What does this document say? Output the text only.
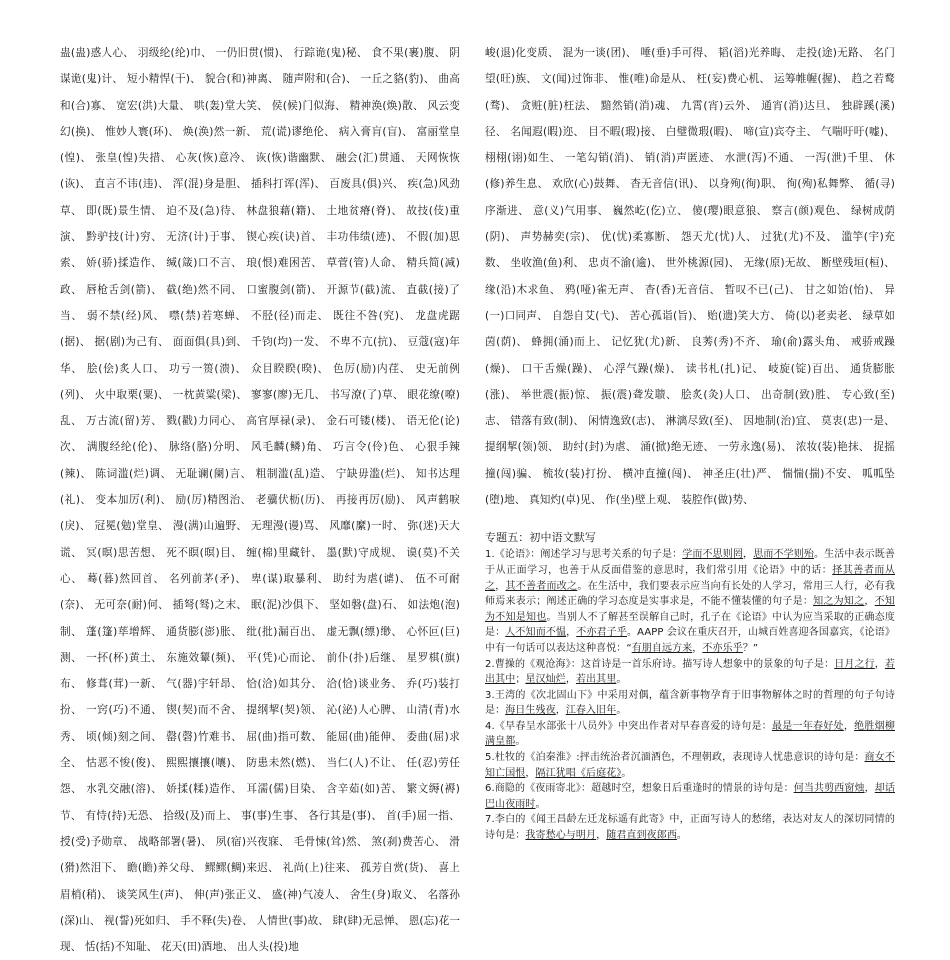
蛊(蛊)惑人心、 羽级纶(纶)巾、 一仍旧贯(惯)、 行踪诡(鬼)秘、 食不果(裹)腹、 阴谋诡(鬼)计、 短小精悍(干)、 貌合(和)神离、 随声附和(合)、 一丘之貉(豹)、 曲高和(合)寡、 宽宏(洪)大量、 哄(轰)堂大笑、 侯(候)门似海、 精神涣(焕)散、 风云变幻(换)、 惟妙人寰(环)、 焕(涣)然一新、 荒(谎)谬绝伦、 病入膏肓(盲)、 富丽堂皇(惶)、 张皇(惶)失措、 心灰(恢)意冷、 诙(恢)谐幽默、 融会(汇)贯通、 天网恢恢(诙)、 直言不讳(违)、 浑(混)身是胆、 插科打诨(浑)、 百废具(俱)兴、 疾(急)风劲草、 即(既)景生情、 迫不及(急)待、 林盘狼藉(籍)、 土地贫瘠(脊)、 故技(伎)重演、 黔驴技(计)穷、 无济(计)于事、 锲心疾(诀)首、 丰功伟绩(迹)、 不假(加)思索、 娇(骄)揉造作、 缄(箴)口不言、 琅(恨)难困苦、 草菅(管)人命、 精兵简(减)政、 唇枪舌剑(箭)、 截(绝)然不同、 口蜜腹剑(箭)、 开源节(截)流、 直截(接)了当、 弱不禁(经)风、 噤(禁)若寒蝉、 不胫(径)而走、 既往不咎(究)、 龙盘虎踞(据)、 据(剧)为己有、 面面俱(具)到、 千钧(均)一发、 不卑不亢(抗)、 豆蔻(寇)年华、 脍(侩)炙人口、 功亏一篑(溃)、 众目睽睽(暌)、 色厉(励)内荏、 史无前例(列)、 火中取栗(粟)、 一枕黄粱(梁)、 寥寥(廖)无几、 书写潦(了)草、 眼花缭(嘹)乱、 万古流(留)芳、 戮(戳)力同心、 高官厚禄(录)、 金石可镂(楼)、 语无伦(论)次、 满腹经纶(伦)、 脉络(胳)分明、 风毛麟(鳞)角、 巧言令(伶)色、 心狠手辣(辣)、 陈词滥(烂)调、 无耻谰(阑)言、 粗制滥(乱)造、 宁缺毋滥(烂)、 知书达理(礼)、 变本加厉(利)、 励(厉)精图治、 老骥伏枥(历)、 再接再厉(励)、 风声鹤唳(戾)、 冠冕(勉)堂皇、 漫(满)山遍野、 无理漫(谩)骂、 风靡(縻)一时、 弥(迷)天大谎、 冥(暝)思苦想、 死不瞑(暝)目、 缠(棉)里藏针、 墨(默)守成规、 谟(莫)不关心、 蓦(暮)然回首、 名列前茅(矛)、 卑(谋)取暴利、 助纣为虐(谑)、 伍不可耐(奈)、 无可奈(耐)何、 插弩(驽)之末、 眠(泥)沙俱下、 坚如磐(盘)石、 如法炮(泡)制、 蓬(篷)荜增辉、 通货膨(澎)胀、 纰(批)漏百出、 虚无飘(缥)缈、 心怀叵(巨)测、 一抔(杯)黄土、 东施效颦(频)、 平(凭)心而论、 前仆(扑)后继、 星罗棋(旗)布、 修葺(茸)一新、 气(器)宇轩昂、 恰(洽)如其分、 洽(恰)谈业务、 乔(巧)装打扮、 一窍(巧)不通、 锲(契)而不舍、 提纲挈(契)领、 沁(泌)人心脾、 山清(青)水秀、 顷(倾)刻之间、 罄(磬)竹难书、 屈(曲)指可数、 能屈(曲)能伸、 委曲(屈)求全、 怙恶不悛(俊)、 熙熙攘攘(嚷)、 防患未然(燃)、 当仁(人)不让、 任(忍)劳任怨、 水乳交融(溶)、 娇揉(糅)造作、 耳濡(儒)目染、 含辛茹(如)苦、 繁文缛(褥)节、 有恃(持)无恐、 拾级(及)而上、 事(事)生事、 各行其是(事)、 首(手)屈一指、 授(受)予勋章、 战略部署(暑)、 夙(宿)兴夜寐、 毛骨悚(耸)然、 煞(刹)费苦心、 滑(猾)然泪下、 瞻(瞻)养父母、 鳏鳏(鲷)来迟、 礼尚(上)往来、 孤芳自赏(货)、 喜上眉梢(稍)、 谈笑风生(声)、 伸(声)张正义、 盛(神)气凌人、 舍生(身)取义、 名落孙(深)山、 视(誓)死如归、 手不释(失)卷、 人情世(事)故、 肆(肆)无忌惮、 恩(忘)花一现、 恬(括)不知耻、 花天(田)酒地、 出人头(投)地

峻(退)化变质、 混为一谈(团)、 唾(垂)手可得、 韬(滔)光养晦、 走投(途)无路、 名门望(旺)族、 文(闻)过饰非、 惟(唯)命是从、 枉(妄)费心机、 运筹帷幄(握)、 趋之若鹜(骛)、 贪赃(脏)枉法、 黯然销(消)魂、 九霄(宵)云外、 通宵(消)达旦、 独辟蹊(溪)径、 名闻遐(暇)迩、 目不暇(瑕)接、 白璧微瑕(暇)、 啼(宣)宾夺主、 气喘吁吁(嘘)、 栩栩(诩)如生、 一笔勾销(消)、 销(消)声匿迹、 水泄(泻)不通、 一泻(泄)千里、 休(修)养生息、 欢欣(心)鼓舞、 杳无音信(讯)、 以身殉(徇)职、 徇(殉)私舞弊、 循(寻)序渐进、 意(义)气用事、 巍然屹(仡)立、 傻(璎)眼意狼、 察言(颜)观色、 绿树成荫(阴)、 声势赫奕(宗)、 优(忧)柔寡断、 怨天尤(忧)人、 过犹(尤)不及、 滥竽(宇)充数、 坐收渔(鱼)利、 忠贞不渝(逾)、 世外桃源(园)、 无缘(原)无故、 断壁残垣(桓)、 缘(沿)木求鱼、 鸦(哑)雀无声、 杳(香)无音信、 暂叹不已(己)、 甘之如饴(怡)、 异(一)口同声、 自怨自艾(弋)、 苦心孤诣(旨)、 贻(遗)笑大方、 倚(以)老卖老、 绿草如茵(荫)、 蜂拥(涌)而上、 记忆犹(尤)新、 良莠(秀)不齐、 瑜(俞)露头角、 戒骄戒躁(燥)、 口干舌燥(躁)、 心浮气躁(燥)、 读书札(扎)记、 岐旋(锭)百出、 通货膨胀(涨)、 举世震(振)惊、 振(震)聋发聩、 脍炙(灸)人口、 出奇制(致)胜、 专心致(至)志、 错落有致(制)、 闲情逸致(志)、 淋漓尽致(至)、 因地制(治)宜、 莫衷(忠)一是、 提纲挈(领)领、 助纣(封)为虐、 涌(掀)绝无迹、 一劳永逸(易)、 浓妆(装)艳抹、 捉摇撞(闯)骗、 梳妆(装)打扮、 横冲直撞(闯)、 神圣庄(壮)严、 惴惴(揣)不安、 呱呱坠(堕)地、 真知灼(卓)见、 作(坐)壁上观、 装腔作(做)势、

专题五：初中语文默写

1.《论语》：阐述学习与思考关系的句子是：学而不思则罔，思而不学则殆。生活中表示既善于从正面学习，也善于从反面借鉴的意思时，我们常引用《论语》中的话：择其善者而从之，其不善者而改之。在生活中，我们要表示应当向有长处的人学习，常用三人行，必有我师焉来表示；阐述正确的学习态度是实事求是，不能不懂装懂的句子是：知之为知之，不知为不知是知也。当别人不了解甚至误解自己时，孔子在《论语》中认为应当采取的正确态度是：人不知而不愠，不亦君子乎。AAPP 会议在重庆召开，山城百姓喜迎各国嘉宾，《论语》中有一句话可以表达这种喜悦：“有朋自远方来，不亦乐乎？”

2.曹操的《观沧海》：这首诗是一首乐府诗。描写诗人想象中的景象的句子是：日月之行，若出其中；星汉灿烂，若出其里。

3.王湾的《次北固山下》中采用对偶，蕴含新事物孕育于旧事物解体之时的哲理的句子句诗是：海日生残夜，江春入旧年。

4.《早春呈水部张十八员外》中突出作者对早春喜爱的诗句是：最是一年春好处，绝胜烟柳满皇都。

5.杜牧的《泊秦淮》:抨击统治者沉湎酒色，不理朝政，表现诗人忧患意识的诗句是：商女不知亡国恨，隔江犹唱《后庭花》。

6.商隐的《夜雨寄北》：超越时空，想象日后重逢时的情景的诗句是：何当共剪西窗烛，却话巴山夜雨时。

7.李白的《闻王昌龄左迁龙标遥有此寄》中，正面写诗人的愁绪，表达对友人的深切同情的诗句是：我寄愁心与明月，随君直到夜郎西。
